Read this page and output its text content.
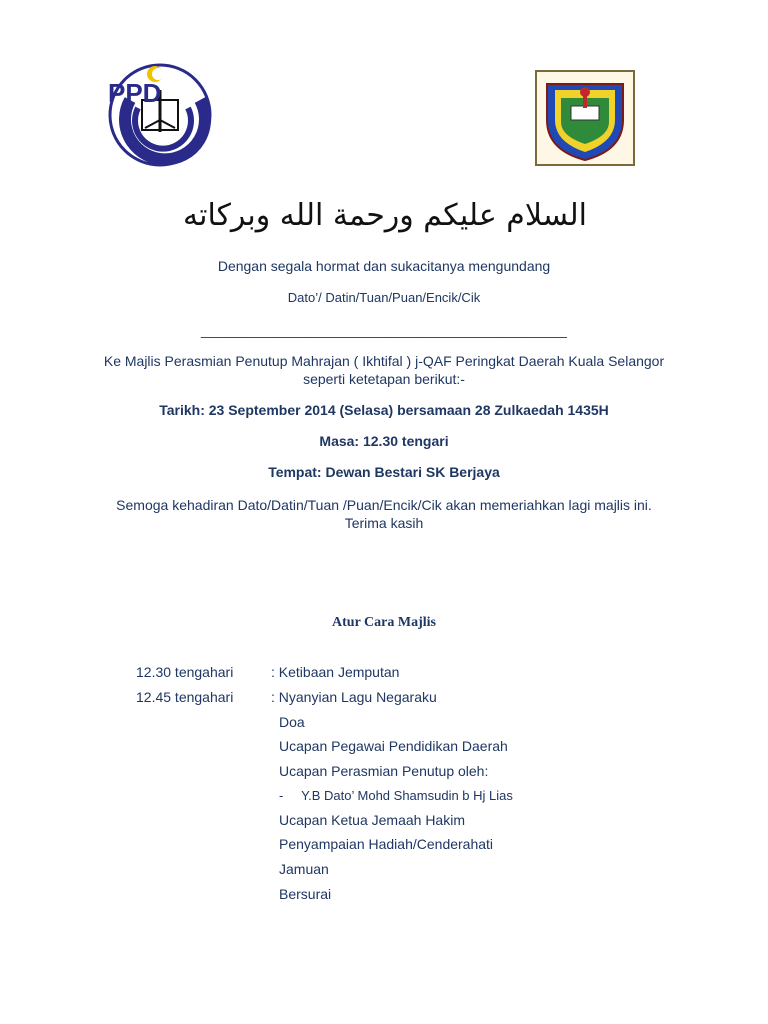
PPD
السلام عليكم ورحمة الله وبركاته
Dengan segala hormat dan sukacitanya mengundang
Dato’/ Datin/Tuan/Puan/Encik/Cik
_______________________________________________
Ke Majlis Perasmian Penutup Mahrajan ( Ikhtifal ) j-QAF Peringkat Daerah Kuala Selangor
seperti ketetapan berikut:-
Tarikh: 23 September 2014 (Selasa) bersamaan 28 Zulkaedah 1435H
Masa: 12.30 tengari
Tempat: Dewan Bestari SK Berjaya
Semoga kehadiran Dato/Datin/Tuan /Puan/Encik/Cik akan memeriahkan lagi majlis ini.
Terima kasih
Atur Cara Majlis
12.30 tengahari	: Ketibaan Jemputan
12.45 tengahari	: Nyanyian Lagu Negaraku
Doa
Ucapan Pegawai Pendidikan Daerah
Ucapan Perasmian Penutup oleh:
-     Y.B Dato’ Mohd Shamsudin b Hj Lias
Ucapan Ketua Jemaah Hakim
Penyampaian Hadiah/Cenderahati
Jamuan
Bersurai
